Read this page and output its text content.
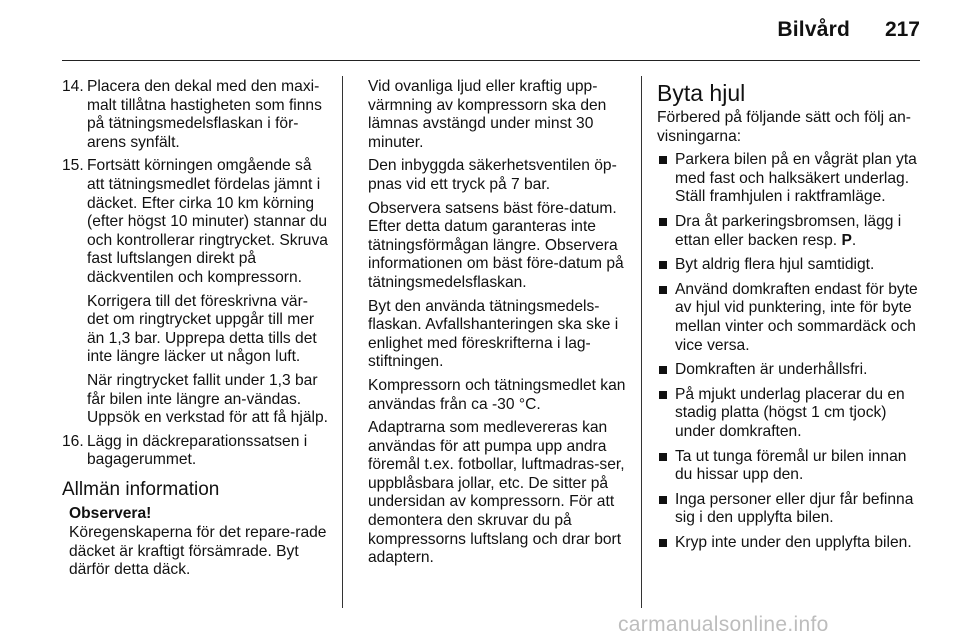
Bilvård 217
14. Placera den dekal med den maxi-malt tillåtna hastigheten som finns på tätningsmedelsflaskan i för-arens synfält.
15. Fortsätt körningen omgående så att tätningsmedlet fördelas jämnt i däcket. Efter cirka 10 km körning (efter högst 10 minuter) stannar du och kontrollerar ringtrycket. Skruva fast luftslangen direkt på däckventilen och kompressorn.
Korrigera till det föreskrivna vär-det om ringtrycket uppgår till mer än 1,3 bar. Upprepa detta tills det inte längre läcker ut någon luft.
När ringtrycket fallit under 1,3 bar får bilen inte längre an-vändas. Uppsök en verkstad för att få hjälp.
16. Lägg in däckreparationssatsen i bagagerummet.
Allmän information
Observera!
Köregenskaperna för det repare-rade däcket är kraftigt försämrade. Byt därför detta däck.
Vid ovanliga ljud eller kraftig upp-värmning av kompressorn ska den lämnas avstängd under minst 30 minuter.
Den inbyggda säkerhetsventilen öp-pnas vid ett tryck på 7 bar.
Observera satsens bäst före-datum. Efter detta datum garanteras inte tätningsförmågan längre. Observera informationen om bäst före-datum på tätningsmedelsflaskan.
Byt den använda tätningsmedels-flaskan. Avfallshanteringen ska ske i enlighet med föreskrifterna i lag-stiftningen.
Kompressorn och tätningsmedlet kan användas från ca -30 °C.
Adaptrarna som medlevereras kan användas för att pumpa upp andra föremål t.ex. fotbollar, luftmadras-ser, uppblåsbara jollar, etc. De sitter på undersidan av kompressorn. För att demontera den skruvar du på kompressorns luftslang och drar bort adaptern.
Byta hjul
Förbered på följande sätt och följ an-visningarna:
Parkera bilen på en vågrät plan yta med fast och halksäkert underlag. Ställ framhjulen i raktframläge.
Dra åt parkeringsbromsen, lägg i ettan eller backen resp. P.
Byt aldrig flera hjul samtidigt.
Använd domkraften endast för byte av hjul vid punktering, inte för byte mellan vinter och sommardäck och vice versa.
Domkraften är underhållsfri.
På mjukt underlag placerar du en stadig platta (högst 1 cm tjock) under domkraften.
Ta ut tunga föremål ur bilen innan du hissar upp den.
Inga personer eller djur får befinna sig i den upplyfta bilen.
Kryp inte under den upplyfta bilen.
carmanualsonline.info
